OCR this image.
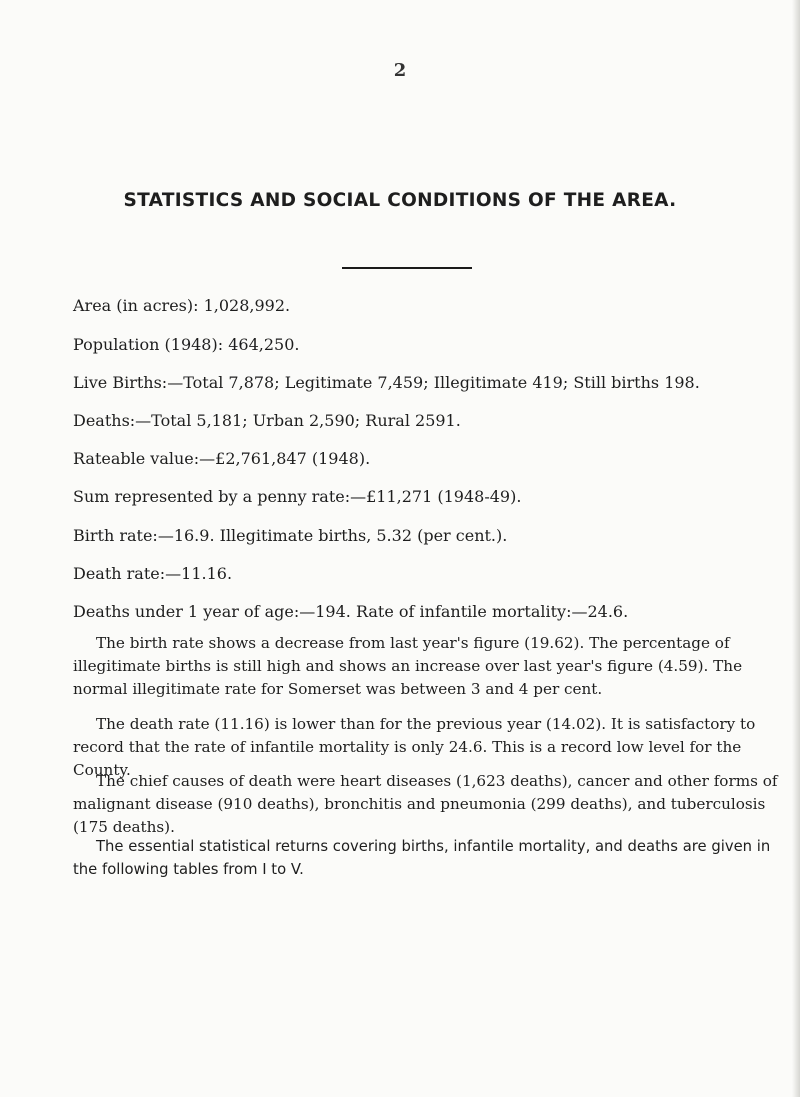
2
STATISTICS AND SOCIAL CONDITIONS OF THE AREA.
Area (in acres): 1,028,992.
Population (1948): 464,250.
Live Births:—Total 7,878; Legitimate 7,459; Illegitimate 419; Still births 198.
Deaths:—Total 5,181; Urban 2,590; Rural 2591.
Rateable value:—£2,761,847 (1948).
Sum represented by a penny rate:—£11,271 (1948-49).
Birth rate:—16.9. Illegitimate births, 5.32 (per cent.).
Death rate:—11.16.
Deaths under 1 year of age:—194. Rate of infantile mortality:—24.6.

The birth rate shows a decrease from last year's figure (19.62). The percentage of illegitimate births is still high and shows an increase over last year's figure (4.59). The normal illegitimate rate for Somerset was between 3 and 4 per cent.

The death rate (11.16) is lower than for the previous year (14.02). It is satisfactory to record that the rate of infantile mortality is only 24.6. This is a record low level for the County.

The chief causes of death were heart diseases (1,623 deaths), cancer and other forms of malignant disease (910 deaths), bronchitis and pneumonia (299 deaths), and tuberculosis (175 deaths).

The essential statistical returns covering births, infantile mortality, and deaths are given in the following tables from I to V.
